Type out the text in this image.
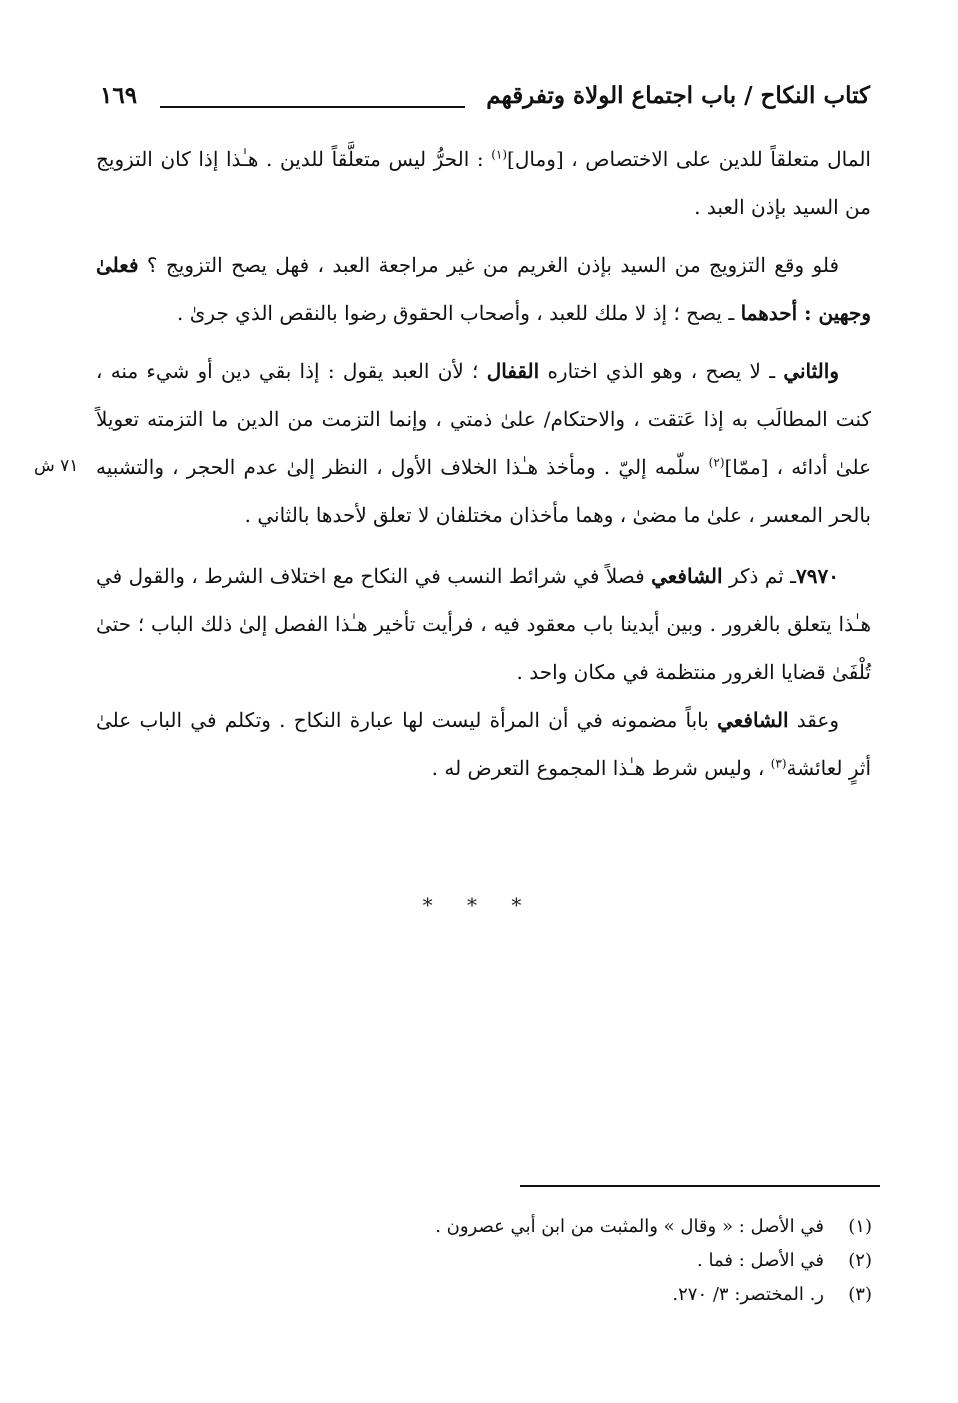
كتاب النكاح / باب اجتماع الولاة وتفرقهم
١٦٩

المال متعلقاً للدين على الاختصاص ، [ومال]$^{(١)}$ : الحرُّ ليس متعلَّقاً للدين . هـٰذا إذا كان التزويج من السيد بإذن العبد .

فلو وقع التزويج من السيد بإذن الغريم من غير مراجعة العبد ، فهل يصح التزويج ؟ فعلىٰ وجهين : أحدهما ـ يصح ؛ إذ لا ملك للعبد ، وأصحاب الحقوق رضوا بالنقص الذي جرىٰ .

والثاني ـ لا يصح ، وهو الذي اختاره القفال ؛ لأن العبد يقول : إذا بقي دين أو شيء منه ، كنت المطالَب به إذا عَتقت ، والاحتكام/ علىٰ ذمتي ، وإنما التزمت من الدين ما التزمته تعويلاً علىٰ أدائه ، [ممّا]$^{(٢)}$ سلّمه إليّ . ومأخذ هـٰذا الخلاف الأول ، النظر إلىٰ عدم الحجر ، والتشبيه بالحر المعسر ، علىٰ ما مضىٰ ، وهما مأخذان مختلفان لا تعلق لأحدها بالثاني .

٧٩٧٠ـ ثم ذكر الشافعي فصلاً في شرائط النسب في النكاح مع اختلاف الشرط ، والقول في هـٰذا يتعلق بالغرور . وبين أيدينا باب معقود فيه ، فرأيت تأخير هـٰذا الفصل إلىٰ ذلك الباب ؛ حتىٰ تُلْفَىٰ قضايا الغرور منتظمة في مكان واحد .

وعقد الشافعي باباً مضمونه في أن المرأة ليست لها عبارة النكاح . وتكلم في الباب علىٰ أثرٍ لعائشة$^{(٣)}$ ، وليس شرط هـٰذا المجموع التعرض له .

٧١ ش
* * *
(١)في الأصل : « وقال » والمثبت من ابن أبي عصرون .
(٢)في الأصل : فما .
(٣)ر. المختصر: ٣/ ٢٧٠.
